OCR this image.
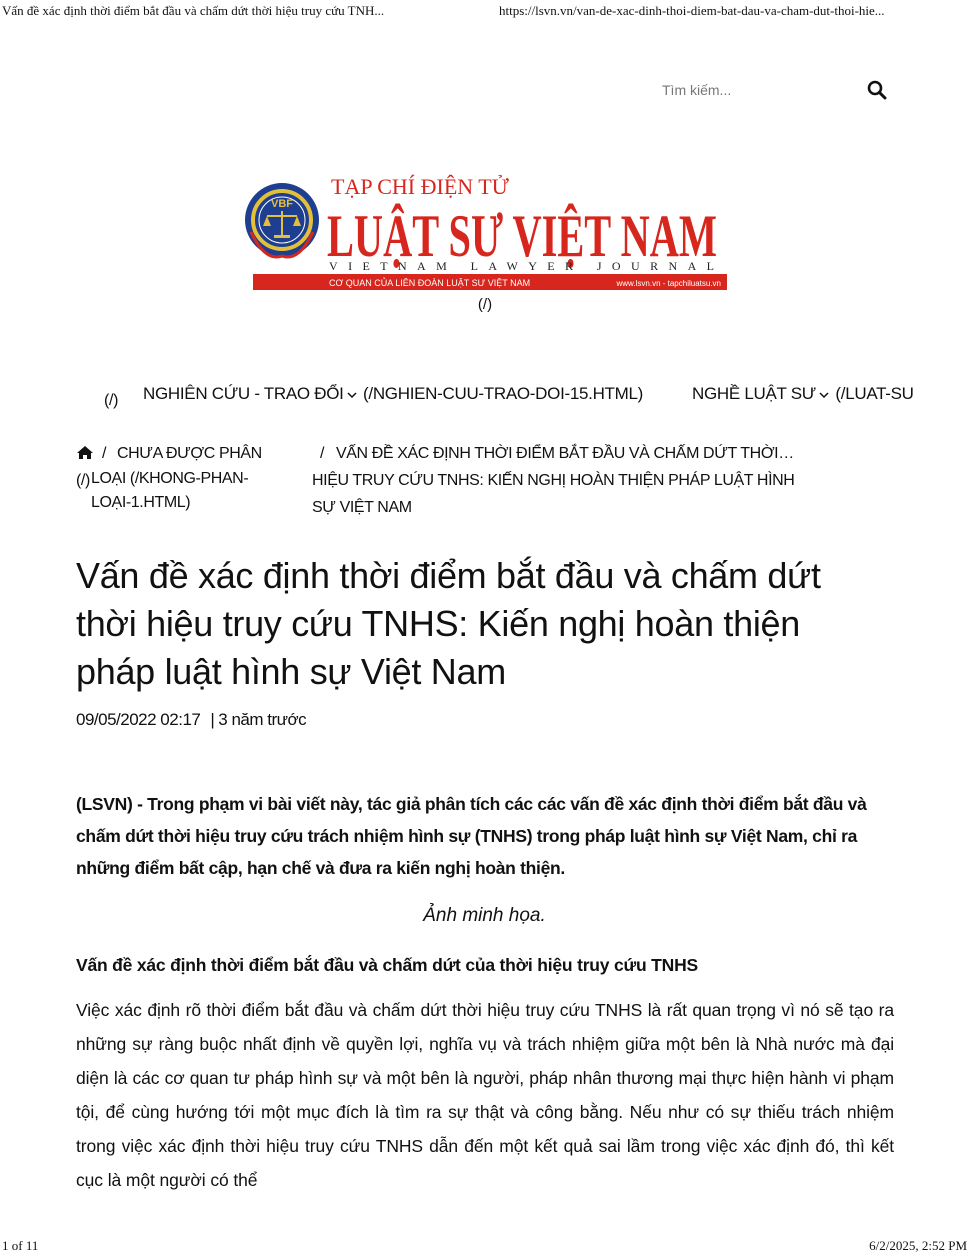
Vấn đề xác định thời điểm bắt đầu và chấm dứt thời hiệu truy cứu TNH...	https://lsvn.vn/van-de-xac-dinh-thoi-diem-bat-dau-va-cham-dut-thoi-hie...
Tìm kiếm...
VBF
TẠP CHÍ ĐIỆN TỬ
LUẬT SƯ VIỆT NAM
VIETNAM LAWYER JOURNAL
CƠ QUAN CỦA LIÊN ĐOÀN LUẬT SƯ VIỆT NAM	www.lsvn.vn - tapchiluatsu.vn
(/)
(/) NGHIÊN CỨU - TRAO ĐỔI (/NGHIEN-CUU-TRAO-DOI-15.HTML)	NGHỀ LUẬT SƯ (/LUAT-SU
/ CHƯA ĐƯỢC PHÂN
(/) LOẠI (/KHONG-PHAN-
LOẠI-1.HTML)
/ VẤN ĐỀ XÁC ĐỊNH THỜI ĐIỂM BẮT ĐẦU VÀ CHẤM DỨT THỜI…
HIỆU TRUY CỨU TNHS: KIẾN NGHỊ HOÀN THIỆN PHÁP LUẬT HÌNH
SỰ VIỆT NAM
Vấn đề xác định thời điểm bắt đầu và chấm dứt thời hiệu truy cứu TNHS: Kiến nghị hoàn thiện pháp luật hình sự Việt Nam
09/05/2022 02:17 | 3 năm trước

(LSVN) - Trong phạm vi bài viết này, tác giả phân tích các các vấn đề xác định thời điểm bắt đầu và chấm dứt thời hiệu truy cứu trách nhiệm hình sự (TNHS) trong pháp luật hình sự Việt Nam, chỉ ra những điểm bất cập, hạn chế và đưa ra kiến nghị hoàn thiện.

Ảnh minh họa.
Vấn đề xác định thời điểm bắt đầu và chấm dứt của thời hiệu truy cứu TNHS

Việc xác định rõ thời điểm bắt đầu và chấm dứt thời hiệu truy cứu TNHS là rất quan trọng vì nó sẽ tạo ra những sự ràng buộc nhất định về quyền lợi, nghĩa vụ và trách nhiệm giữa một bên là Nhà nước mà đại diện là các cơ quan tư pháp hình sự và một bên là người, pháp nhân thương mại thực hiện hành vi phạm tội, để cùng hướng tới một mục đích là tìm ra sự thật và công bằng. Nếu như có sự thiếu trách nhiệm trong việc xác định thời hiệu truy cứu TNHS dẫn đến một kết quả sai lầm trong việc xác định đó, thì kết cục là một người có thể

1 of 11	6/2/2025, 2:52 PM
